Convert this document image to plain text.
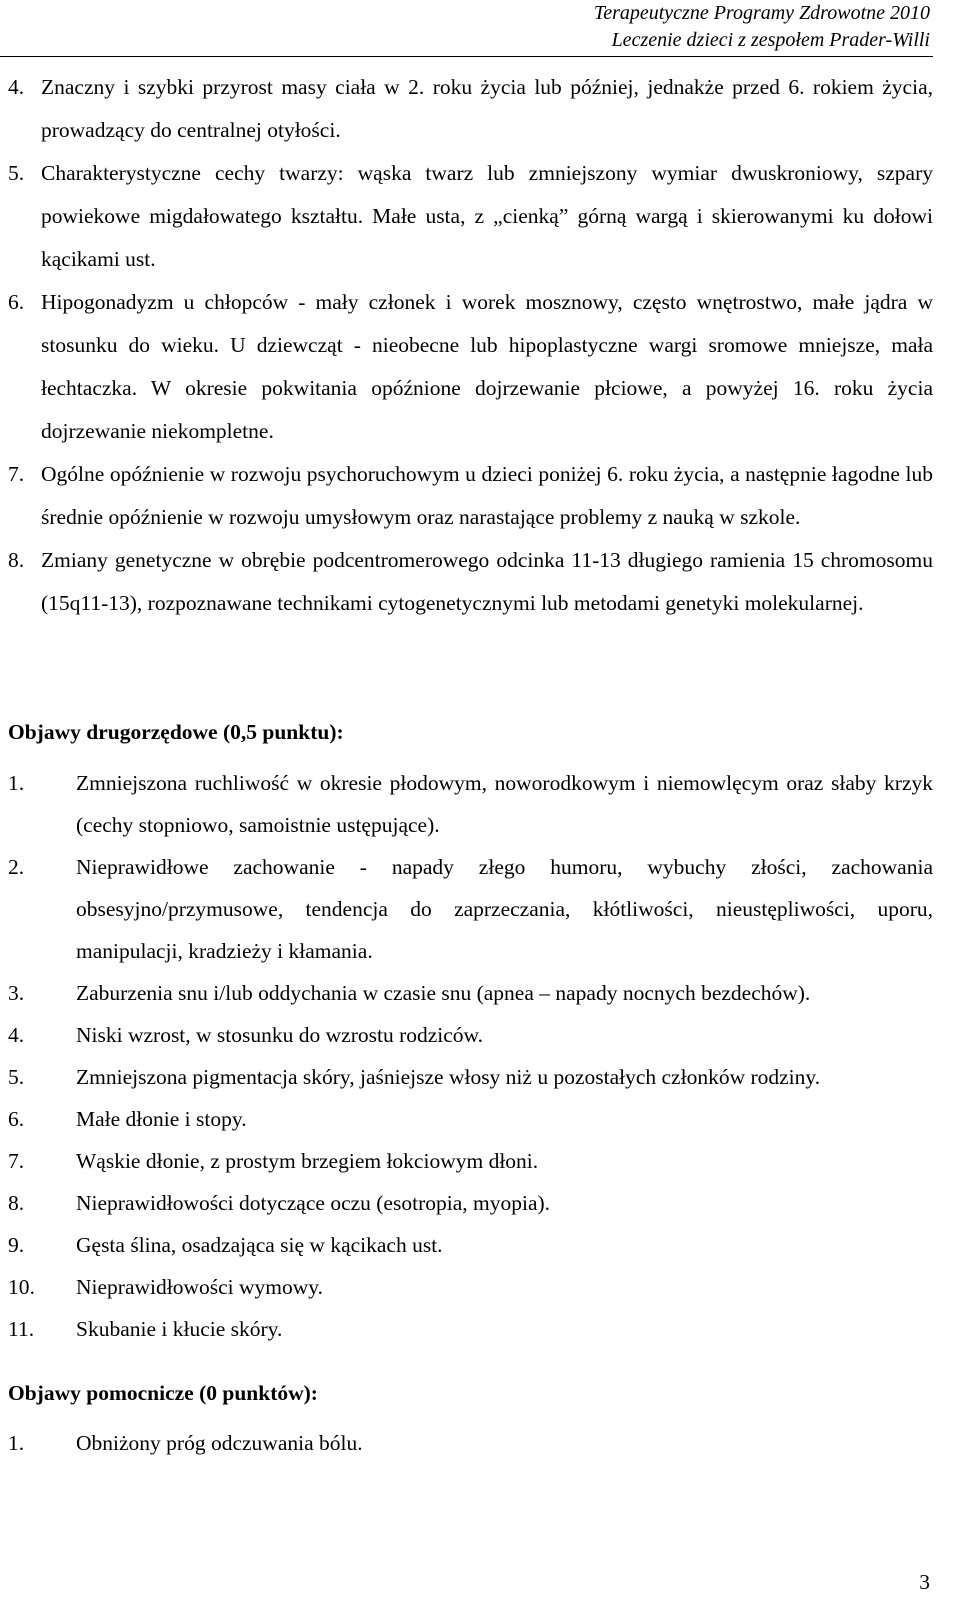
Terapeutyczne Programy Zdrowotne 2010
Leczenie dzieci z zespołem Prader-Willi
4. Znaczny i szybki przyrost masy ciała w 2. roku życia lub później, jednakże przed 6. rokiem życia, prowadzący do centralnej otyłości.
5. Charakterystyczne cechy twarzy: wąska twarz lub zmniejszony wymiar dwuskroniowy, szpary powiekowe migdałowatego kształtu. Małe usta, z „cienką” górną wargą i skierowanymi ku dołowi kącikami ust.
6. Hipogonadyzm u chłopców - mały członek i worek mosznowy, często wnętrostwo, małe jądra w stosunku do wieku. U dziewcząt - nieobecne lub hipoplastyczne wargi sromowe mniejsze, mała łechtaczka. W okresie pokwitania opóźnione dojrzewanie płciowe, a powyżej 16. roku życia dojrzewanie niekompletne.
7. Ogólne opóźnienie w rozwoju psychoruchowym u dzieci poniżej 6. roku życia, a następnie łagodne lub średnie opóźnienie w rozwoju umysłowym oraz narastające problemy z nauką w szkole.
8. Zmiany genetyczne w obrębie podcentromerowego odcinka 11-13 długiego ramienia 15 chromosomu (15q11-13), rozpoznawane technikami cytogenetycznymi lub metodami genetyki molekularnej.
Objawy drugorzędowe (0,5 punktu):
1.	Zmniejszona ruchliwość w okresie płodowym, noworodkowym i niemowlęcym oraz słaby krzyk (cechy stopniowo, samoistnie ustępujące).
2.	Nieprawidłowe zachowanie - napady złego humoru, wybuchy złości, zachowania obsesyjno/przymusowe, tendencja do zaprzeczania, kłótliwości, nieustępliwości, uporu, manipulacji, kradzieży i kłamania.
3.	Zaburzenia snu i/lub oddychania w czasie snu (apnea – napady nocnych bezdechów).
4.	Niski wzrost, w stosunku do wzrostu rodziców.
5.	Zmniejszona pigmentacja skóry, jaśniejsze włosy niż u pozostałych członków rodziny.
6.	Małe dłonie i stopy.
7.	Wąskie dłonie, z prostym brzegiem łokciowym dłoni.
8.	Nieprawidłowości dotyczące oczu (esotropia, myopia).
9.	Gęsta ślina, osadzająca się w kącikach ust.
10.	Nieprawidłowości wymowy.
11.	Skubanie i kłucie skóry.
Objawy pomocnicze (0 punktów):
1.	Obniżony próg odczuwania bólu.
3
